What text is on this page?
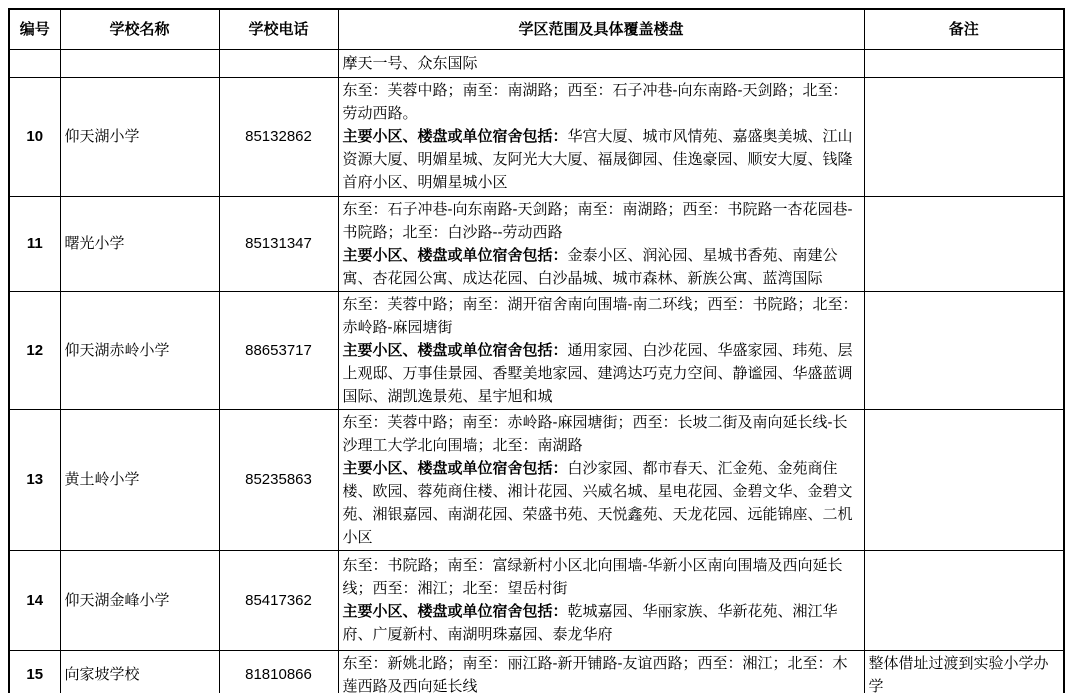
编号	学校名称	学校电话	学区范围及具体覆盖楼盘	备注

			摩天一号、众东国际	

10	仰天湖小学	85132862	东至：芙蓉中路；南至：南湖路；西至：石子冲巷-向东南路-天剑路；北至：劳动西路。
主要小区、楼盘或单位宿舍包括：华宫大厦、城市风情苑、嘉盛奥美城、江山资源大厦、明媚星城、友阿光大大厦、福晟御园、佳逸豪园、顺安大厦、钱隆首府小区、明媚星城小区	

11	曙光小学	85131347	东至：石子冲巷-向东南路-天剑路；南至：南湖路；西至：书院路一杏花园巷-书院路；北至：白沙路--劳动西路
主要小区、楼盘或单位宿舍包括：金泰小区、润沁园、星城书香苑、南建公寓、杏花园公寓、成达花园、白沙晶城、城市森林、新族公寓、蓝湾国际	

12	仰天湖赤岭小学	88653717	东至：芙蓉中路；南至：湖开宿舍南向围墙-南二环线；西至：书院路；北至：赤岭路-麻园塘街
主要小区、楼盘或单位宿舍包括：通用家园、白沙花园、华盛家园、玮苑、层上观邸、万事佳景园、香墅美地家园、建鸿达巧克力空间、静谧园、华盛蓝调国际、湖凯逸景苑、星宇旭和城	

13	黄土岭小学	85235863	东至：芙蓉中路；南至：赤岭路-麻园塘街；西至：长坡二街及南向延长线-长沙理工大学北向围墙；北至：南湖路
主要小区、楼盘或单位宿舍包括：白沙家园、都市春天、汇金苑、金苑商住楼、欧园、蓉苑商住楼、湘计花园、兴威名城、星电花园、金碧文华、金碧文苑、湘银嘉园、南湖花园、荣盛书苑、天悦鑫苑、天龙花园、远能锦座、二机小区	

14	仰天湖金峰小学	85417362	东至：书院路；南至：富绿新村小区北向围墙-华新小区南向围墙及西向延长线；西至：湘江；北至：望岳村街
主要小区、楼盘或单位宿舍包括：乾城嘉园、华丽家族、华新花苑、湘江华府、广厦新村、南湖明珠嘉园、泰龙华府	

15	向家坡学校	81810866	东至：新姚北路；南至：丽江路-新开铺路-友谊西路；西至：湘江；北至：木莲西路及西向延长线	整体借址过渡到实验小学办学
